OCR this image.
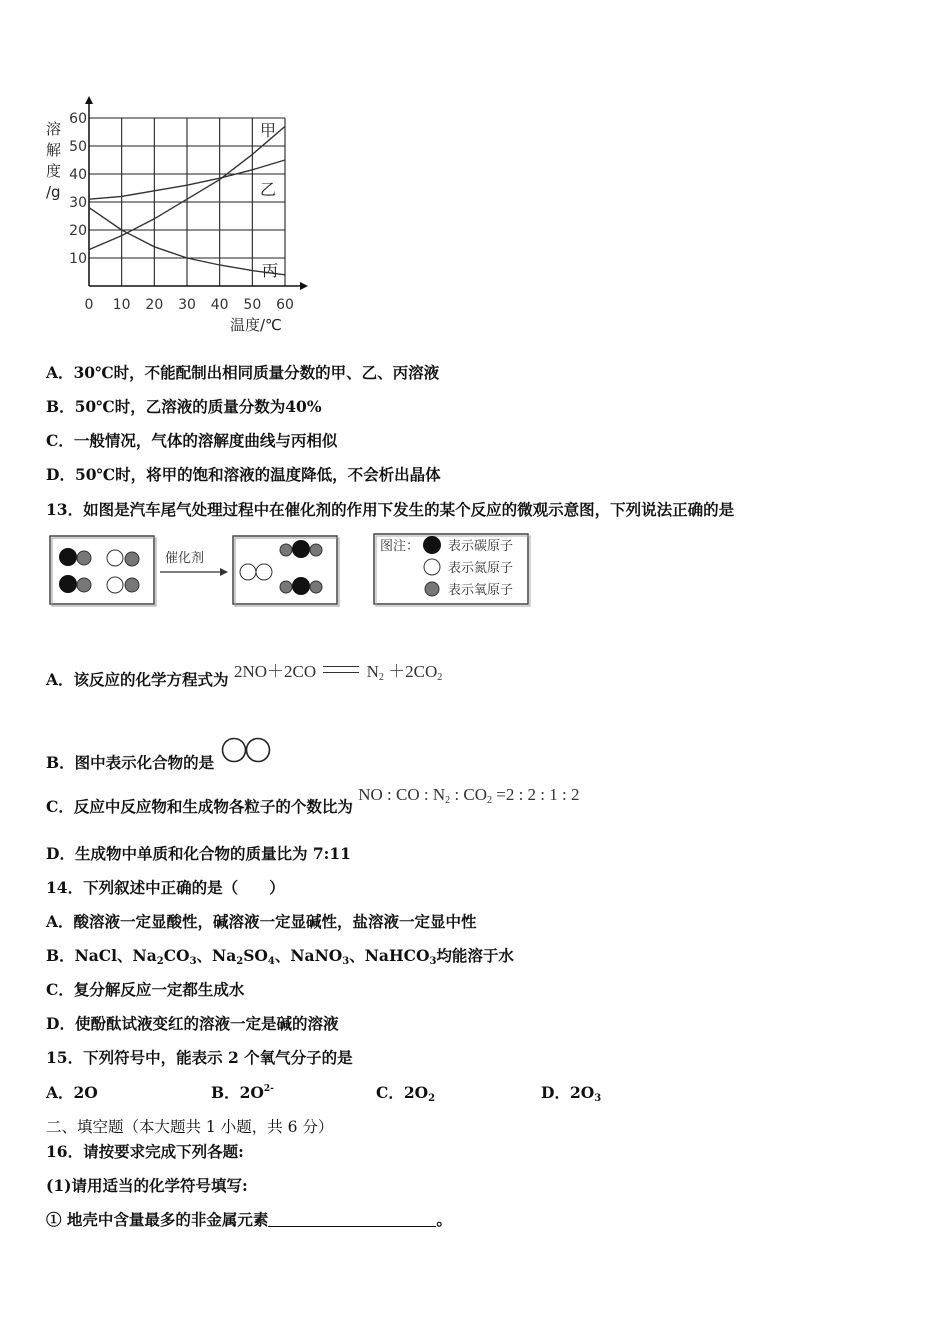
0 10 20 30 40 50 60
10
20
30
40
50
60
溶
解
度
/g
温度/℃
甲
乙
丙
A．30℃时，不能配制出相同质量分数的甲、乙、丙溶液
B．50℃时，乙溶液的质量分数为40%
C．一般情况，气体的溶解度曲线与丙相似
D．50℃时，将甲的饱和溶液的温度降低，不会析出晶体
13．如图是汽车尾气处理过程中在催化剂的作用下发生的某个反应的微观示意图，下列说法正确的是
催化剂
图注： 表示碳原子
表示氮原子
表示氧原子
A．该反应的化学方程式为 2NO＋2CO	$N_2 +2CO_2$
B．图中表示化合物的是
C．反应中反应物和生成物各粒子的个数比为 NO : CO : $N_2$ : $CO_2 =2$ : 2 : 1 : 2
D．生成物中单质和化合物的质量比为 7:11
14．下列叙述中正确的是（　　）
A．酸溶液一定显酸性，碱溶液一定显碱性，盐溶液一定显中性
B．NaCl、$Na_2CO_3$、$Na_2SO_4$、NaNO$_3$、NaHCO$_3$均能溶于水
C．复分解反应一定都生成水
D．使酚酞试液变红的溶液一定是碱的溶液
15．下列符号中，能表示 2 个氧气分子的是
A．2O	B．$2O^{2-}$	C．$2O_2$	D．$2O_3$
二、填空题（本大题共 1 小题，共 6 分）
16．请按要求完成下列各题:
(1)请用适当的化学符号填写:
① 地壳中含量最多的非金属元素	。
